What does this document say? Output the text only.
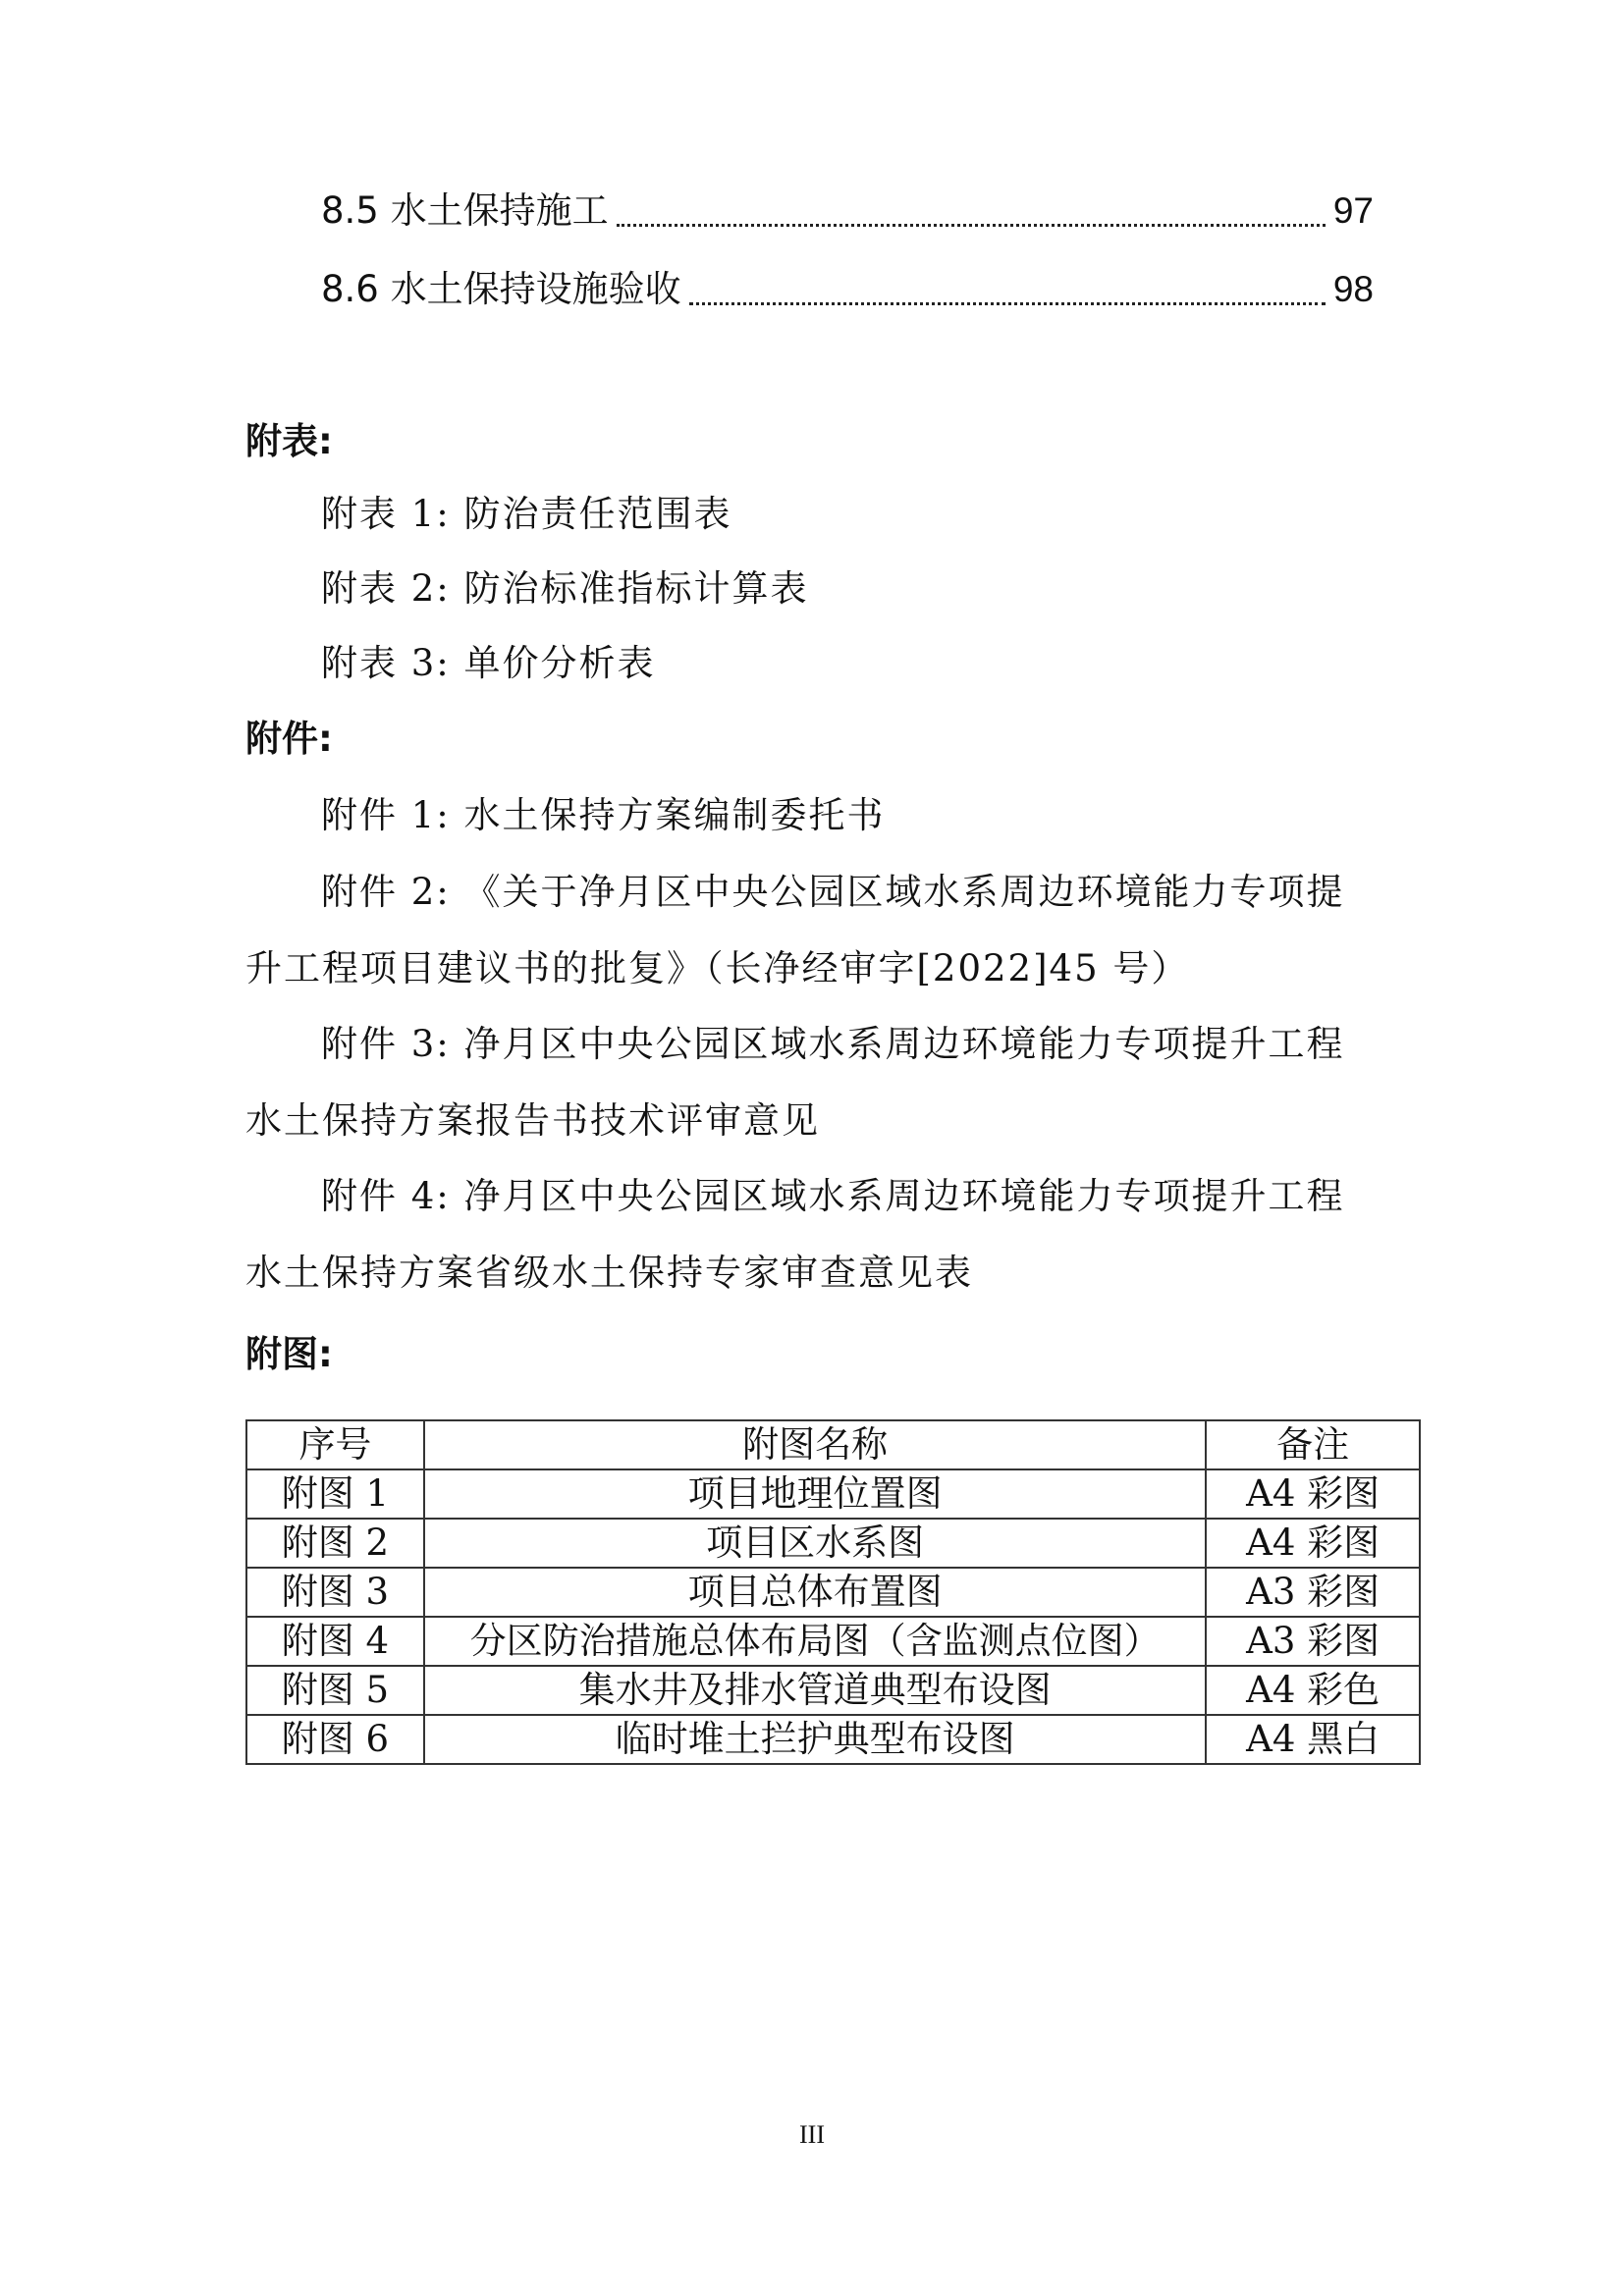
8.5 水土保持施工	97
8.6 水土保持设施验收	98
附表:
附表 1: 防治责任范围表
附表 2: 防治标准指标计算表
附表 3: 单价分析表
附件:
附件 1: 水土保持方案编制委托书
附件 2: 《关于净月区中央公园区域水系周边环境能力专项提升工程项目建议书的批复》（长净经审字[2022]45 号）
附件 3: 净月区中央公园区域水系周边环境能力专项提升工程水土保持方案报告书技术评审意见
附件 4: 净月区中央公园区域水系周边环境能力专项提升工程水土保持方案省级水土保持专家审查意见表
附图:
序号	附图名称	备注
附图 1	项目地理位置图	A4 彩图
附图 2	项目区水系图	A4 彩图
附图 3	项目总体布置图	A3 彩图
附图 4	分区防治措施总体布局图（含监测点位图）	A3 彩图
附图 5	集水井及排水管道典型布设图	A4 彩色
附图 6	临时堆土拦护典型布设图	A4 黑白
III
